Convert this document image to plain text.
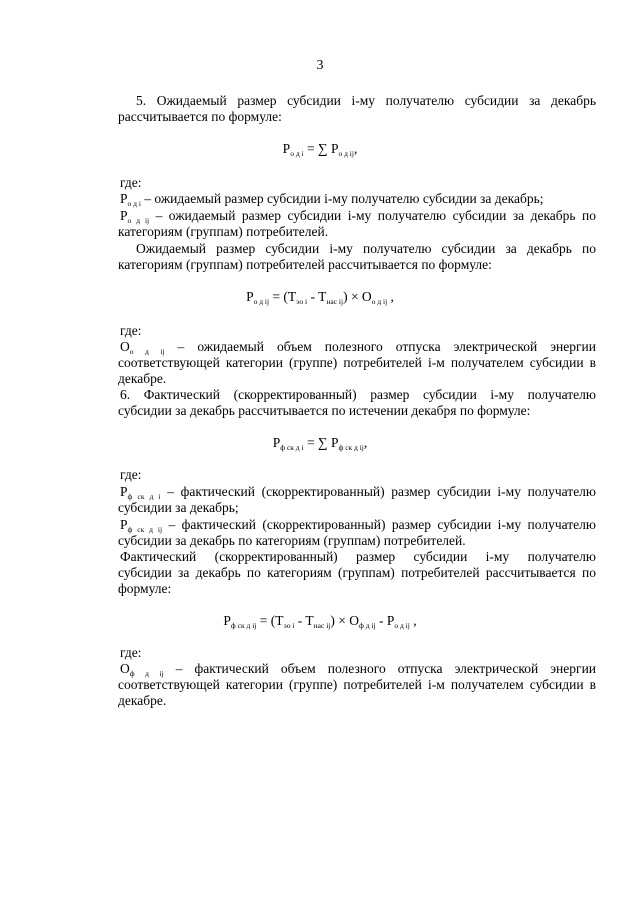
3
5. Ожидаемый размер субсидии i-му получателю субсидии за декабрь
рассчитывается по формуле:
$P_{о д i}$ = ∑ $P_{о д ij}$,
где:
$P_{о д i}$ – ожидаемый размер субсидии i-му получателю субсидии за декабрь;
$P_{о д ij}$ – ожидаемый размер субсидии i-му получателю субсидии за декабрь по
категориям (группам) потребителей.
Ожидаемый размер субсидии i-му получателю субсидии за декабрь по
категориям (группам) потребителей рассчитывается по формуле:
$P_{о д ij} = (T_{эо i} - T_{нас ij}) \times O_{о д ij}$ ,
где:
$O_{о д ij}$ – ожидаемый объем полезного отпуска электрической энергии
соответствующей категории (группе) потребителей i-м получателем субсидии в
декабре.
6. Фактический (скорректированный) размер субсидии i-му получателю
субсидии за декабрь рассчитывается по истечении декабря по формуле:
$P_{ф ск д i}$ = ∑ $P_{ф ск д ij}$,
где:
$P_{ф ск д i}$ – фактический (скорректированный) размер субсидии i-му получателю
субсидии за декабрь;
$P_{ф ск д ij}$ – фактический (скорректированный) размер субсидии i-му получателю
субсидии за декабрь по категориям (группам) потребителей.
Фактический (скорректированный) размер субсидии i-му получателю
субсидии за декабрь по категориям (группам) потребителей рассчитывается по
формуле:
$P_{ф ск д ij} = (T_{эо i} - T_{нас ij}) \times O_{ф д ij} - P_{о д ij}$ ,
где:
$O_{ф д ij}$ – фактический объем полезного отпуска электрической энергии
соответствующей категории (группе) потребителей i-м получателем субсидии в
декабре.
